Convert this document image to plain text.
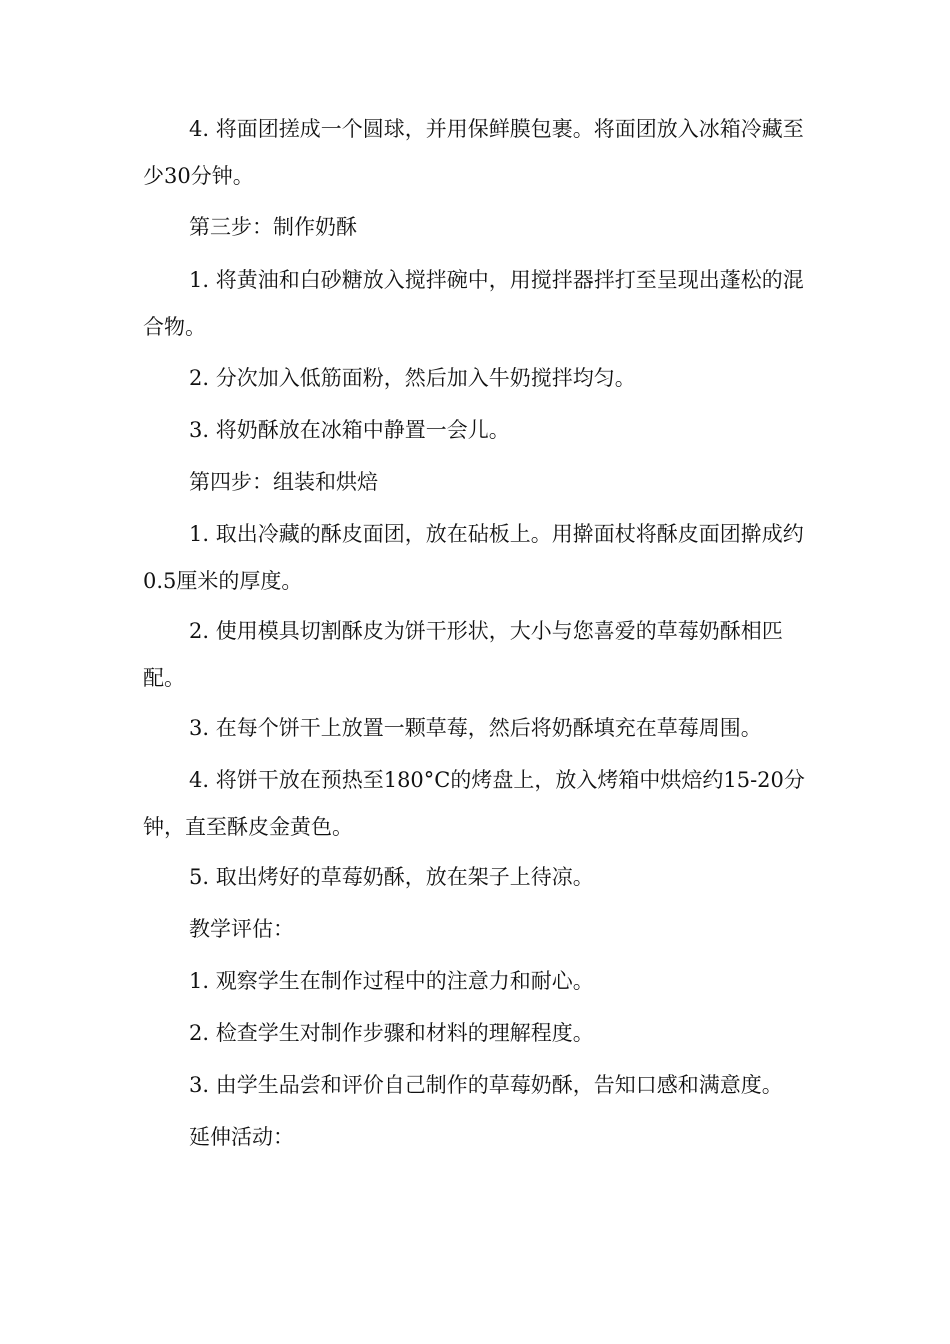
4. 将面团搓成一个圆球，并用保鲜膜包裹。将面团放入冰箱冷藏至少30分钟。

第三步：制作奶酥

1. 将黄油和白砂糖放入搅拌碗中，用搅拌器拌打至呈现出蓬松的混合物。

2. 分次加入低筋面粉，然后加入牛奶搅拌均匀。

3. 将奶酥放在冰箱中静置一会儿。

第四步：组装和烘焙

1. 取出冷藏的酥皮面团，放在砧板上。用擀面杖将酥皮面团擀成约0.5厘米的厚度。

2. 使用模具切割酥皮为饼干形状，大小与您喜爱的草莓奶酥相匹配。

3. 在每个饼干上放置一颗草莓，然后将奶酥填充在草莓周围。

4. 将饼干放在预热至180°C的烤盘上，放入烤箱中烘焙约15-20分钟，直至酥皮金黄色。

5. 取出烤好的草莓奶酥，放在架子上待凉。

教学评估：

1. 观察学生在制作过程中的注意力和耐心。

2. 检查学生对制作步骤和材料的理解程度。

3. 由学生品尝和评价自己制作的草莓奶酥，告知口感和满意度。

延伸活动：
